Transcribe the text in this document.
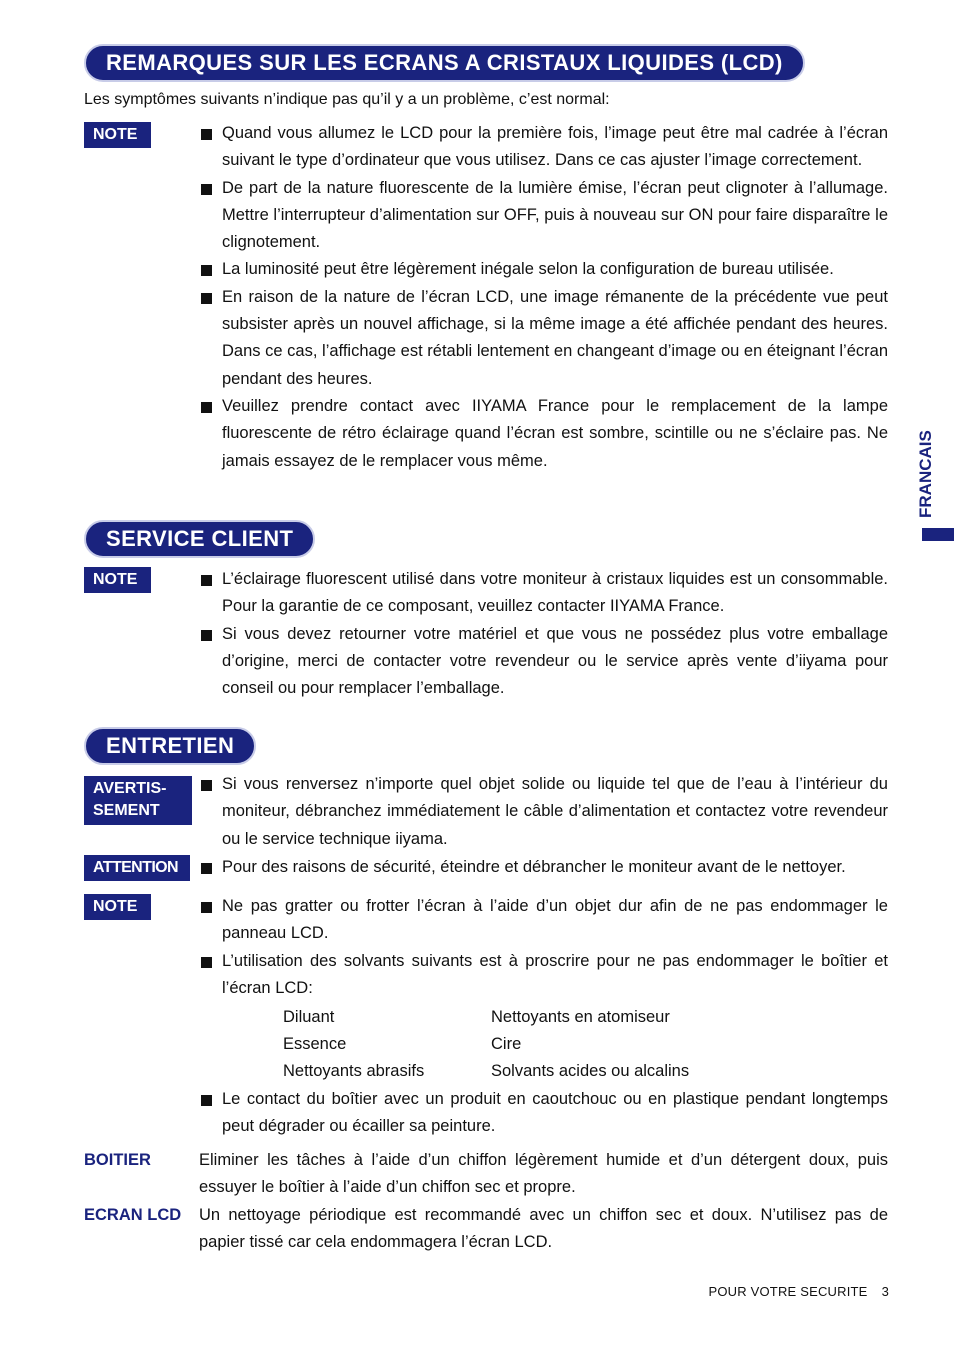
FRANCAIS
REMARQUES SUR LES ECRANS A CRISTAUX LIQUIDES (LCD)
Les symptômes suivants n’indique pas qu’il y a un problème, c’est normal:
NOTE	Quand vous allumez le LCD pour la première fois, l’image peut être mal cadrée à l’écran suivant le type d’ordinateur que vous utilisez. Dans ce cas ajuster l’image correctement.
De part de la nature fluorescente de la lumière émise, l’écran peut clignoter à l’allumage. Mettre l’interrupteur d’alimentation sur OFF, puis à nouveau sur ON pour faire disparaître le clignotement.
La luminosité peut être légèrement inégale selon la configuration de bureau utilisée.
En raison de la nature de l’écran LCD, une image rémanente de la précédente vue peut subsister après un nouvel affichage, si la même image a été affichée pendant des heures. Dans ce cas, l’affichage est rétabli lentement en changeant d’image ou en éteignant l’écran pendant des heures.
Veuillez prendre contact avec IIYAMA France pour le remplacement de la lampe fluorescente de rétro éclairage quand l’écran est sombre, scintille ou ne s’éclaire pas. Ne jamais essayez de le remplacer vous même.
SERVICE CLIENT
NOTE	L’éclairage fluorescent utilisé dans votre moniteur à cristaux liquides est un consommable. Pour la garantie de ce composant, veuillez contacter IIYAMA France.
Si vous devez retourner votre matériel et que vous ne possédez plus votre emballage d’origine, merci de contacter votre revendeur ou le service après vente d’iiyama pour conseil ou pour remplacer l’emballage.
ENTRETIEN
AVERTIS-
SEMENT
Si vous renversez n’importe quel objet solide ou liquide tel que de l’eau à l’intérieur du moniteur, débranchez immédiatement le câble d’alimentation et contactez votre revendeur ou le service technique iiyama.
ATTENTION	Pour des raisons de sécurité, éteindre et débrancher le moniteur avant de le nettoyer.
NOTE	Ne pas gratter ou frotter l’écran à l’aide d’un objet dur afin de ne pas endommager le panneau LCD.
L’utilisation des solvants suivants est à proscrire pour ne pas endommager le boîtier et l’écran LCD:
Diluant	Nettoyants en atomiseur
Essence	Cire
Nettoyants abrasifs	Solvants acides ou alcalins
Le contact du boîtier avec un produit en caoutchouc ou en plastique pendant longtemps peut dégrader ou écailler sa peinture.
BOITIER	Eliminer les tâches à l’aide d’un chiffon légèrement humide et d’un détergent doux, puis essuyer le boîtier à l’aide d’un chiffon sec et propre.
ECRAN LCD Un nettoyage périodique est recommandé avec un chiffon sec et doux. N’utilisez pas de papier tissé car cela endommagera l’écran LCD.
POUR VOTRE SECURITE 3
